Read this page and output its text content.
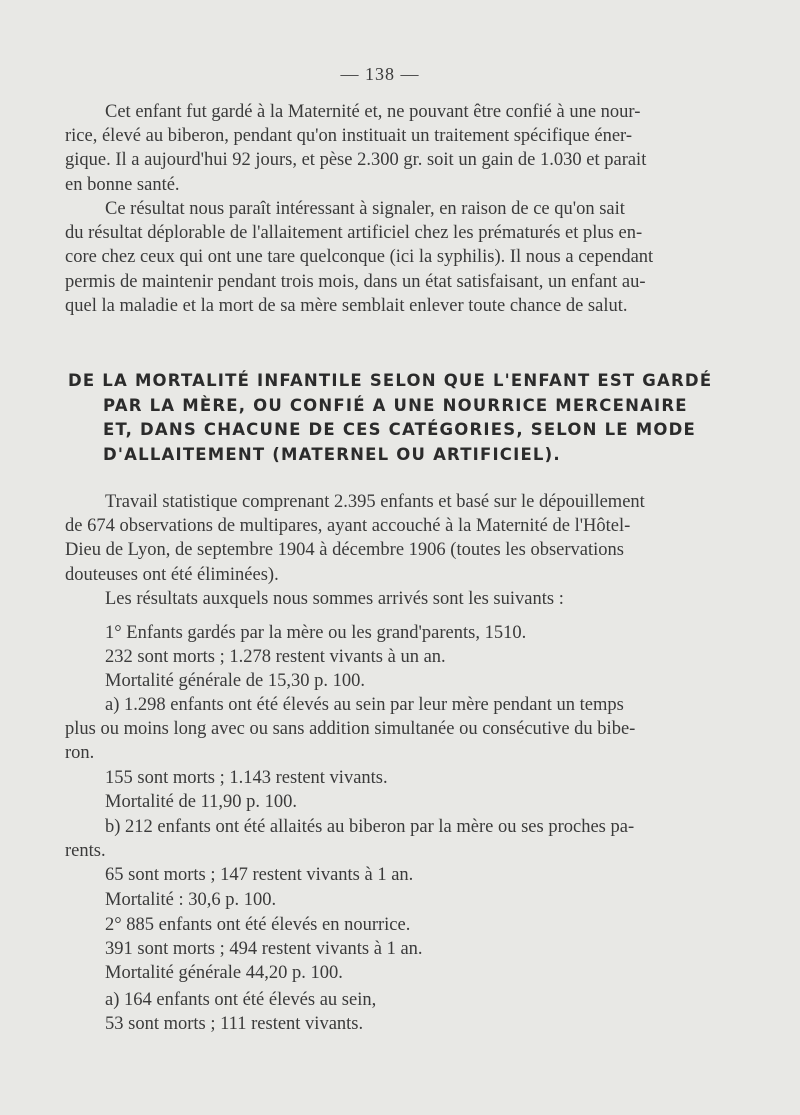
— 138 —
Cet enfant fut gardé à la Maternité et, ne pouvant être confié à une nour-
rice, élevé au biberon, pendant qu'on instituait un traitement spécifique éner-
gique. Il a aujourd'hui 92 jours, et pèse 2.300 gr. soit un gain de 1.030 et parait
en bonne santé.
Ce résultat nous paraît intéressant à signaler, en raison de ce qu'on sait
du résultat déplorable de l'allaitement artificiel chez les prématurés et plus en-
core chez ceux qui ont une tare quelconque (ici la syphilis). Il nous a cependant
permis de maintenir pendant trois mois, dans un état satisfaisant, un enfant au-
quel la maladie et la mort de sa mère semblait enlever toute chance de salut.
DE LA MORTALITÉ INFANTILE SELON QUE L'ENFANT EST GARDÉ
PAR LA MÈRE, OU CONFIÉ A UNE NOURRICE MERCENAIRE
ET, DANS CHACUNE DE CES CATÉGORIES, SELON LE MODE
D'ALLAITEMENT (MATERNEL OU ARTIFICIEL).
Travail statistique comprenant 2.395 enfants et basé sur le dépouillement
de 674 observations de multipares, ayant accouché à la Maternité de l'Hôtel-
Dieu de Lyon, de septembre 1904 à décembre 1906 (toutes les observations
douteuses ont été éliminées).
Les résultats auxquels nous sommes arrivés sont les suivants :
1° Enfants gardés par la mère ou les grand'parents, 1510.
232 sont morts ; 1.278 restent vivants à un an.
Mortalité générale de 15,30 p. 100.
a) 1.298 enfants ont été élevés au sein par leur mère pendant un temps
plus ou moins long avec ou sans addition simultanée ou consécutive du bibe-
ron.
155 sont morts ; 1.143 restent vivants.
Mortalité de 11,90 p. 100.
b) 212 enfants ont été allaités au biberon par la mère ou ses proches pa-
rents.
65 sont morts ; 147 restent vivants à 1 an.
Mortalité : 30,6 p. 100.
2° 885 enfants ont été élevés en nourrice.
391 sont morts ; 494 restent vivants à 1 an.
Mortalité générale 44,20 p. 100.
a) 164 enfants ont été élevés au sein,
53 sont morts ; 111 restent vivants.
